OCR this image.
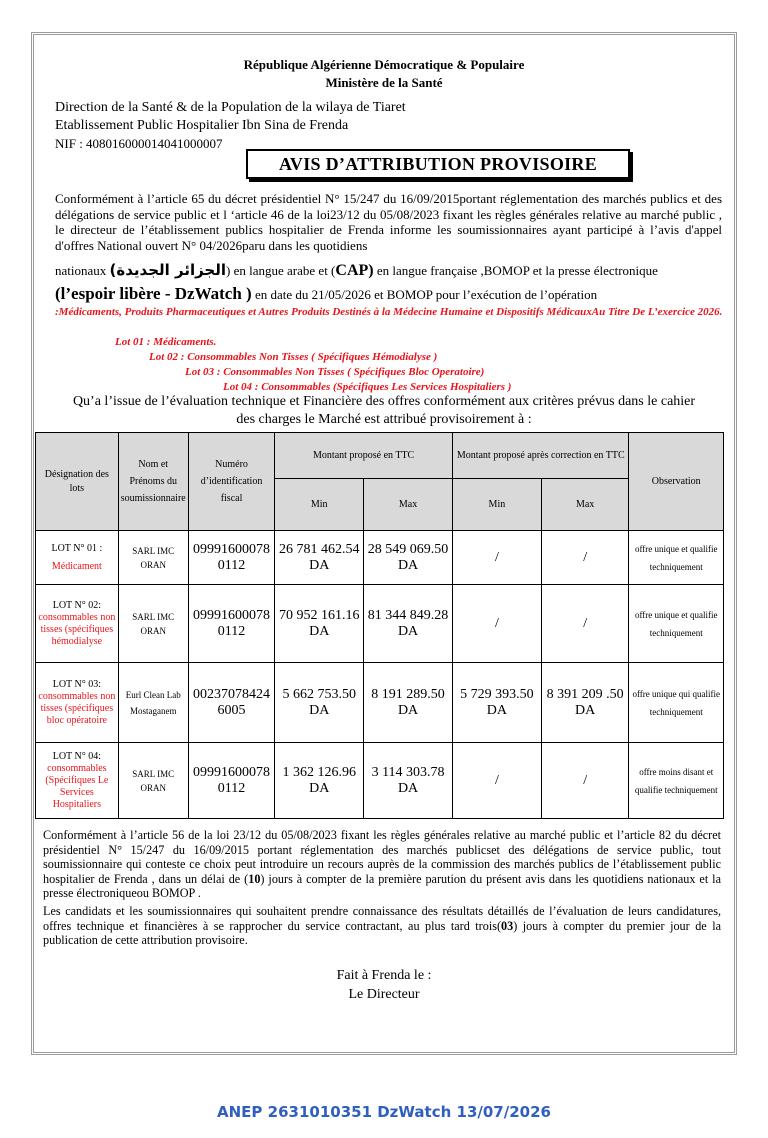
République Algérienne Démocratique & Populaire
Ministère de la Santé
Direction de la Santé & de la Population de la wilaya de Tiaret
Etablissement Public Hospitalier Ibn Sina de Frenda
NIF : 408016000014041000007
AVIS D’ATTRIBUTION PROVISOIRE
Conformément à l’article 65 du décret présidentiel N° 15/247 du 16/09/2015portant réglementation des marchés publics et des délégations de service public et l ‘article 46 de la loi23/12 du 05/08/2023 fixant les règles générales relative au marché public , le directeur de l’établissement publics hospitalier de Frenda informe les soumissionnaires ayant participé à l’avis d'appel d'offres National ouvert N° 04/2026paru dans les quotidiens
nationaux (الجزائر الجديدة) en langue arabe et (CAP) en langue française ,BOMOP et la presse électronique
(l’espoir libère - DzWatch ) en date du 21/05/2026 et BOMOP pour l’exécution de l’opération
:Médicaments, Produits Pharmaceutiques et Autres Produits Destinés à la Médecine Humaine et Dispositifs MédicauxAu Titre De L’exercice 2026.
Lot 01 : Médicaments.
Lot 02 : Consommables Non Tisses ( Spécifiques Hémodialyse )
Lot 03 : Consommables Non Tisses ( Spécifiques Bloc Operatoire)
Lot 04 : Consommables (Spécifiques Les Services Hospitaliers )
Qu’a l’issue de l’évaluation technique et Financière des offres conformément aux critères prévus dans le cahier
des charges le Marché est attribué provisoirement à :
Désignation des lots	Nom et Prénoms du soumissionnaire	Numéro d’identification fiscal	Montant proposé en TTC		Montant proposé après correction en TTC		Observation
			Min	Max	Min	Max	

LOT N° 01 :
Médicament	SARL IMC ORAN	099916000780112	26 781 462.54 DA	28 549 069.50 DA	/	/	offre unique et qualifie techniquement

LOT N° 02:
consommables non tisses (spécifiques hémodialyse	SARL IMC ORAN	099916000780112	70 952 161.16 DA	81 344 849.28 DA	/	/	offre unique et qualifie techniquement

LOT N° 03:
consommables non tisses (spécifiques bloc opératoire	Eurl Clean Lab Mostaganem	002370784246005	5 662 753.50 DA	8 191 289.50 DA	5 729 393.50 DA	8 391 209 .50 DA	offre unique qui qualifie techniquement

LOT N° 04:
consommables (Spécifiques Le Services Hospitaliers	SARL IMC ORAN	099916000780112	1 362 126.96 DA	3 114 303.78 DA	/	/	offre moins disant et qualifie techniquement
Conformément à l’article 56 de la loi 23/12 du 05/08/2023 fixant les règles générales relative au marché public et l’article 82 du décret présidentiel N° 15/247 du 16/09/2015 portant réglementation des marchés publicset des délégations de service public, tout soumissionnaire qui conteste ce choix peut introduire un recours auprès de la commission des marchés publics de l’établissement public hospitalier de Frenda , dans un délai de (10) jours à compter de la première parution du présent avis dans les quotidiens nationaux et la presse électroniqueou BOMOP .
Les candidats et les soumissionnaires qui souhaitent prendre connaissance des résultats détaillés de l’évaluation de leurs candidatures, offres technique et financières à se rapprocher du service contractant, au plus tard trois(03) jours à compter du premier jour de la publication de cette attribution provisoire.
Fait à Frenda le :
Le Directeur
ANEP 2631010351 DzWatch 13/07/2026
